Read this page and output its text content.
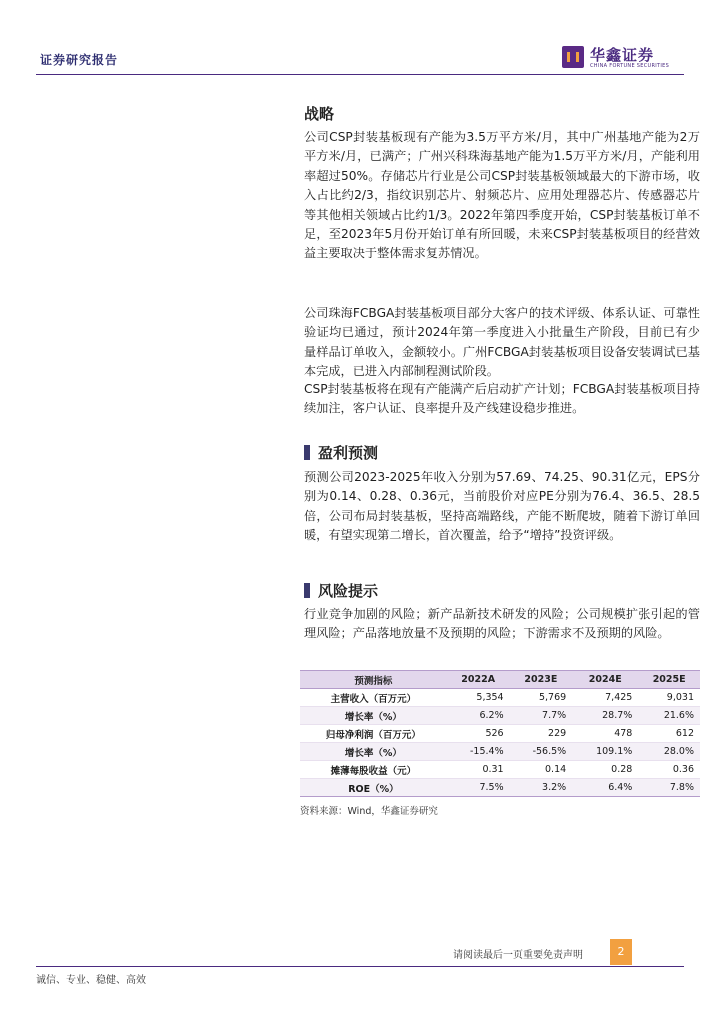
证券研究报告	华鑫证券
CHINA FORTUNE SECURITIES
战略
公司CSP封装基板现有产能为3.5万平方米/月，其中广州基地产能为2万平方米/月，已满产；广州兴科珠海基地产能为1.5万平方米/月，产能利用率超过50%。存储芯片行业是公司CSP封装基板领域最大的下游市场，收入占比约2/3，指纹识别芯片、射频芯片、应用处理器芯片、传感器芯片等其他相关领域占比约1/3。2022年第四季度开始，CSP封装基板订单不足，至2023年5月份开始订单有所回暖，未来CSP封装基板项目的经营效益主要取决于整体需求复苏情况。
公司珠海FCBGA封装基板项目部分大客户的技术评级、体系认证、可靠性验证均已通过，预计2024年第一季度进入小批量生产阶段，目前已有少量样品订单收入，金额较小。广州FCBGA封装基板项目设备安装调试已基本完成，已进入内部制程测试阶段。
CSP封装基板将在现有产能满产后启动扩产计划；FCBGA封装基板项目持续加注，客户认证、良率提升及产线建设稳步推进。
盈利预测
预测公司2023-2025年收入分别为57.69、74.25、90.31亿元，EPS分别为0.14、0.28、0.36元，当前股价对应PE分别为76.4、36.5、28.5倍，公司布局封装基板，坚持高端路线，产能不断爬坡，随着下游订单回暖，有望实现第二增长，首次覆盖，给予“增持”投资评级。
风险提示
行业竞争加剧的风险；新产品新技术研发的风险；公司规模扩张引起的管理风险；产品落地放量不及预期的风险；下游需求不及预期的风险。
预测指标	2022A	2023E	2024E	2025E
主营收入（百万元）	5,354	5,769	7,425	9,031
增长率（%）	6.2%	7.7%	28.7%	21.6%
归母净利润（百万元）	526	229	478	612
增长率（%）	-15.4%	-56.5%	109.1%	28.0%
摊薄每股收益（元）	0.31	0.14	0.28	0.36
ROE（%）	7.5%	3.2%	6.4%	7.8%
资料来源：Wind，华鑫证券研究
请阅读最后一页重要免责声明	2
诚信、专业、稳健、高效
